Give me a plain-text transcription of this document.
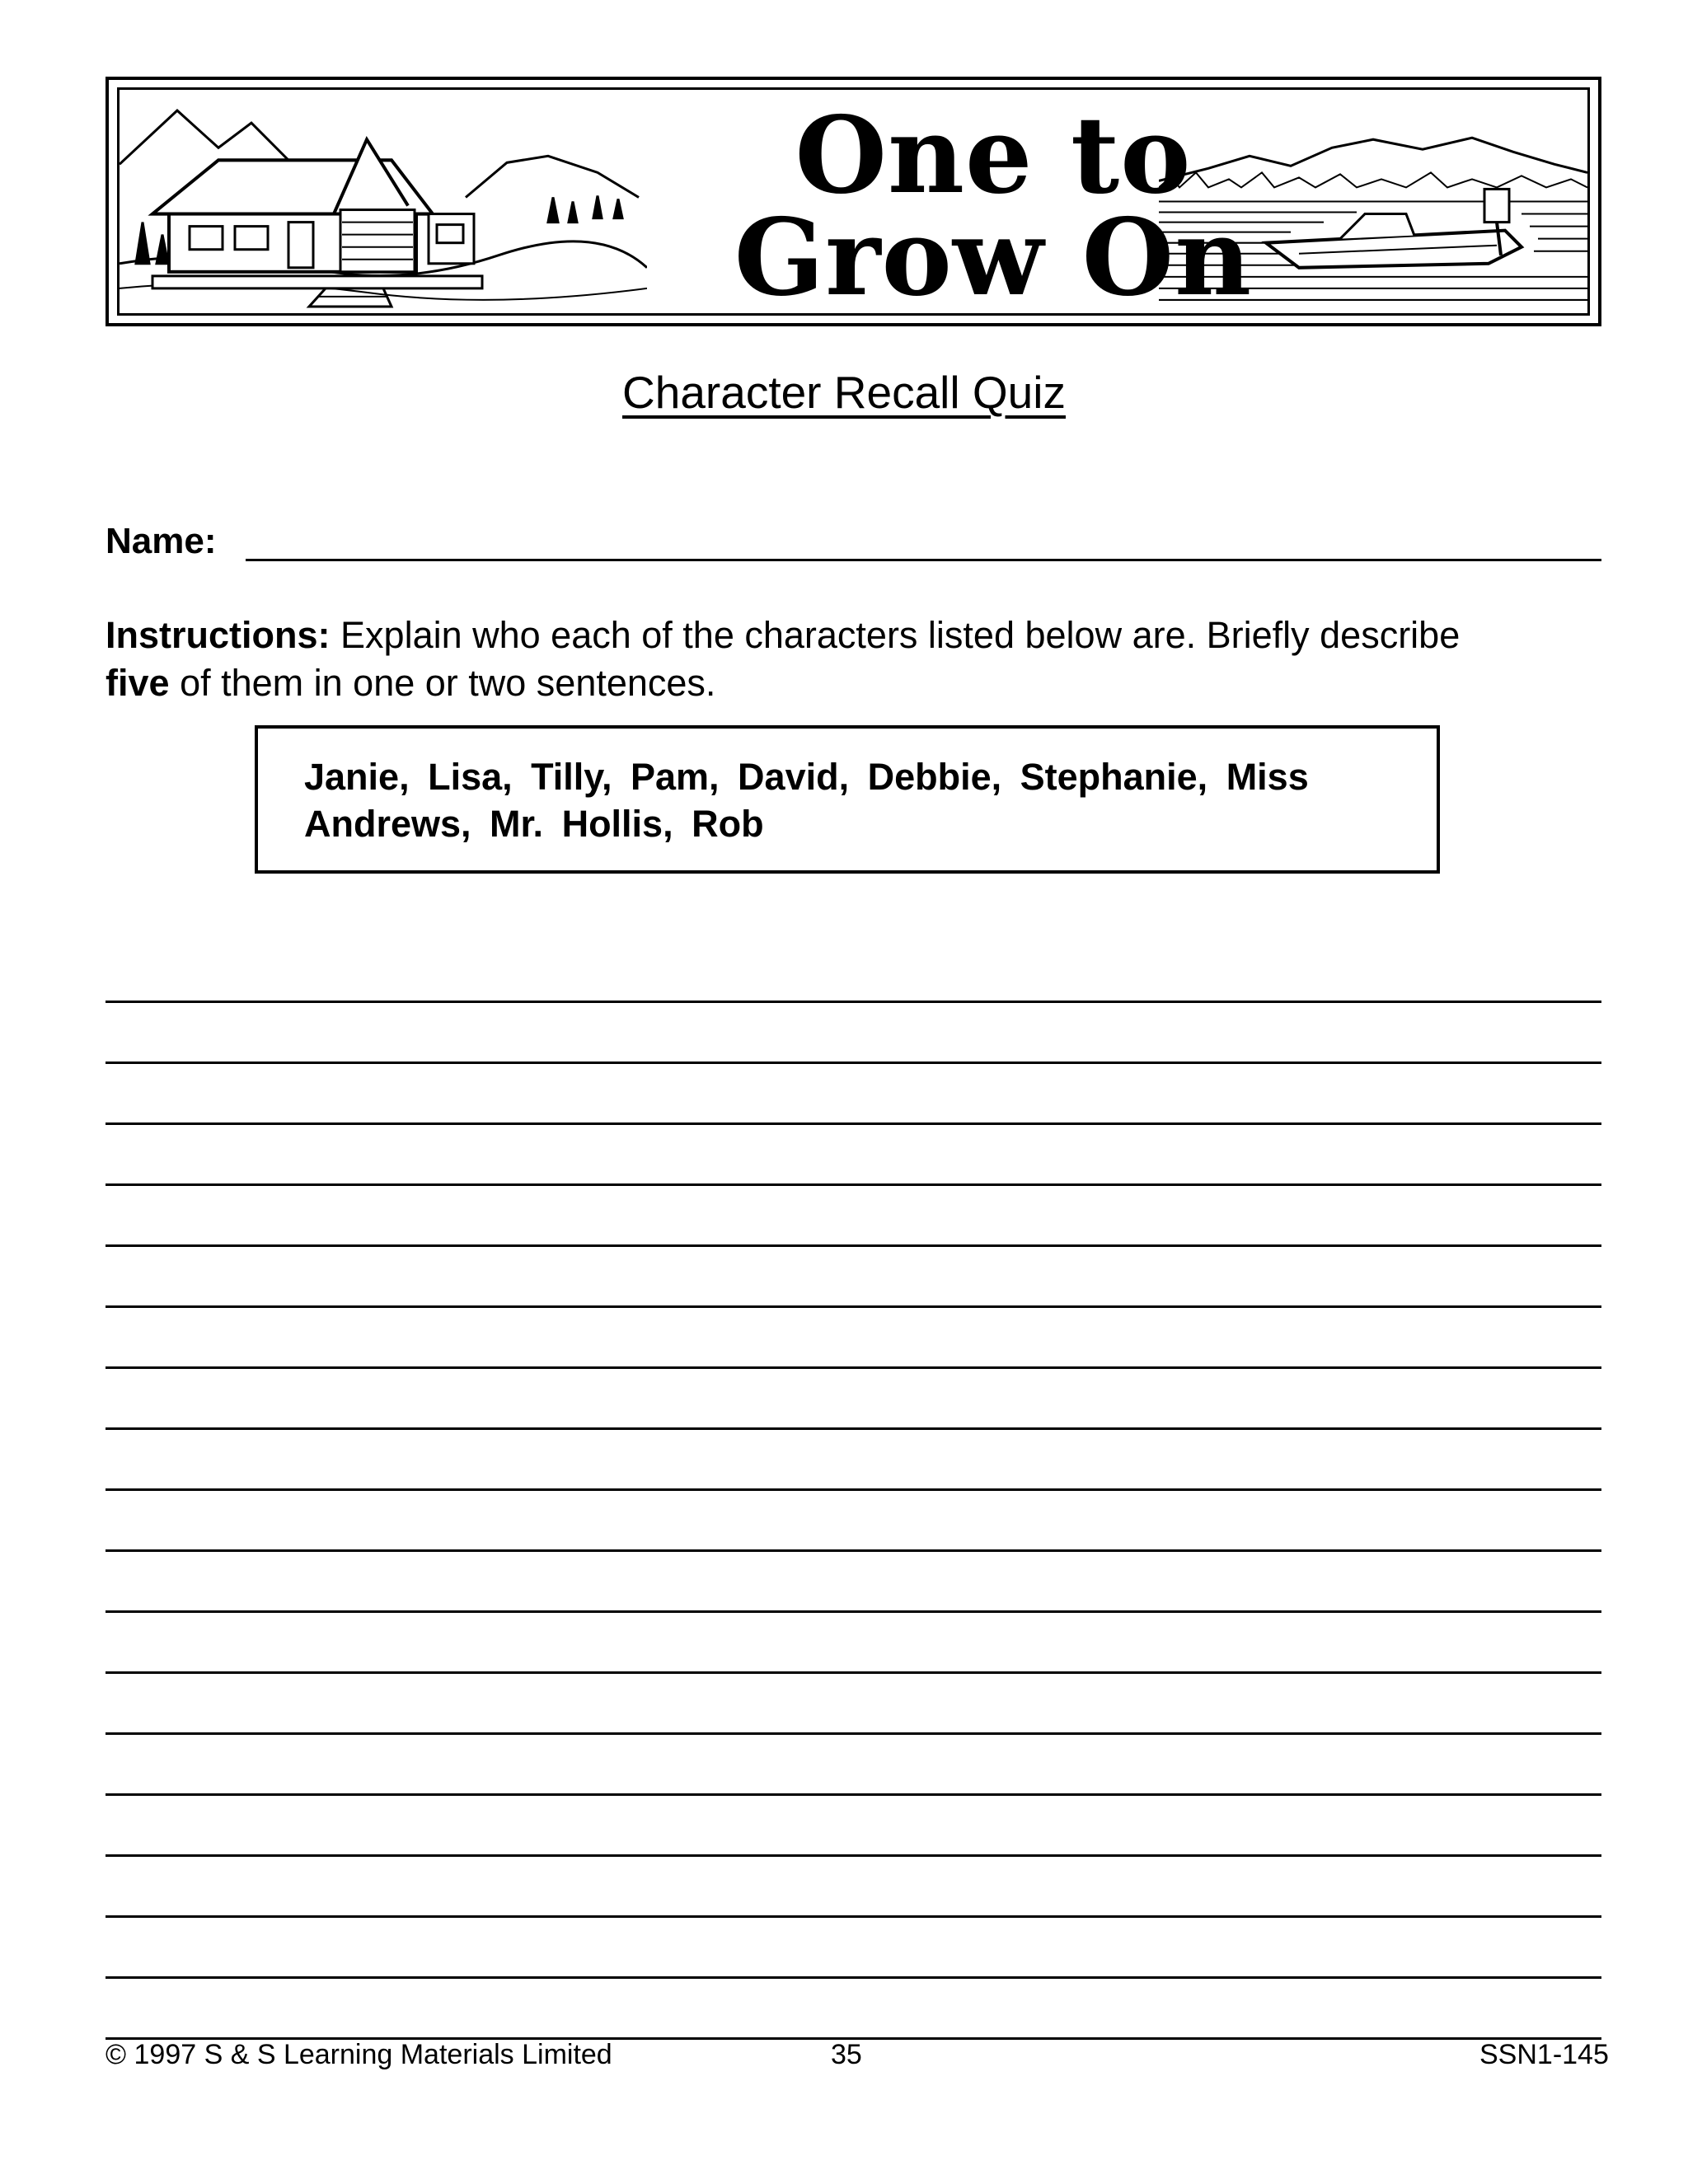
One to
Grow On
Character Recall Quiz
Name:
Instructions: Explain who each of the characters listed below are. Briefly describe five of them in one or two sentences.
Janie, Lisa, Tilly, Pam, David, Debbie, Stephanie, Miss Andrews, Mr. Hollis, Rob
© 1997 S & S Learning Materials Limited	35	SSN1-145
